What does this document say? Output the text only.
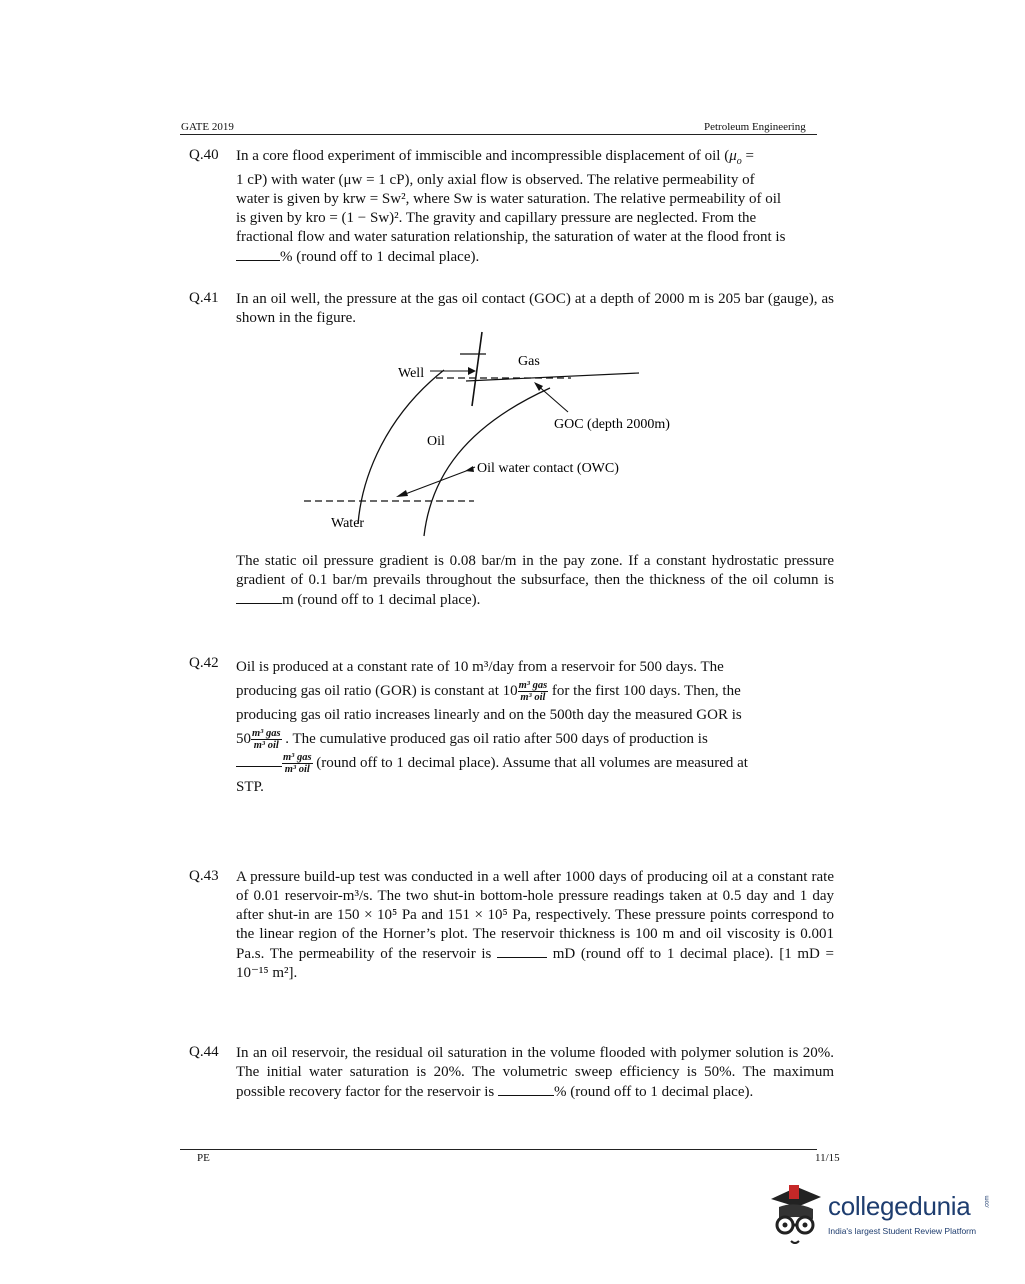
GATE 2019	Petroleum Engineering
Q.40 In a core flood experiment of immiscible and incompressible displacement of oil ($\mu_o$ =
1 cP) with water (μw = 1 cP), only axial flow is observed. The relative permeability of
water is given by krw = Sw², where Sw is water saturation. The relative permeability of oil
is given by kro = (1 − Sw)². The gravity and capillary pressure are neglected. From the
fractional flow and water saturation relationship, the saturation of water at the flood front is
% (round off to 1 decimal place).
Q.41 In an oil well, the pressure at the gas oil contact (GOC) at a depth of 2000 m is 205 bar (gauge), as shown in the figure.
Well
Gas
Oil
Water
GOC (depth 2000m)
Oil water contact (OWC)
The static oil pressure gradient is 0.08 bar/m in the pay zone. If a constant hydrostatic pressure gradient of 0.1 bar/m prevails throughout the subsurface, then the thickness of the oil column is m (round off to 1 decimal place).
Q.42 Oil is produced at a constant rate of 10 m³/day from a reservoir for 500 days. The
producing gas oil ratio (GOR) is constant at $10 \frac{\text{m³ gas}}{\text{m³ oil}}$ for the first 100 days. Then, the
producing gas oil ratio increases linearly and on the 500th day the measured GOR is
$50 \frac{\text{m³ gas}}{\text{m³ oil}}$ . The cumulative produced gas oil ratio after 500 days of production is
$\frac{\text{m³ gas}}{\text{m³ oil}}$ (round off to 1 decimal place). Assume that all volumes are measured at
STP.
Q.43 A pressure build-up test was conducted in a well after 1000 days of producing oil at a constant rate of 0.01 reservoir-m³/s. The two shut-in bottom-hole pressure readings taken at 0.5 day and 1 day after shut-in are 150 × 10⁵ Pa and 151 × 10⁵ Pa, respectively. These pressure points correspond to the linear region of the Horner’s plot. The reservoir thickness is 100 m and oil viscosity is 0.001 Pa.s. The permeability of the reservoir is	mD (round off to 1 decimal place). [1 mD = 10⁻¹⁵ m²].
Q.44 In an oil reservoir, the residual oil saturation in the volume flooded with polymer solution is 20%. The initial water saturation is 20%. The volumetric sweep efficiency is 50%. The maximum possible recovery factor for the reservoir is	% (round off to 1 decimal place).
PE	11/15
collegedunia .com
India's largest Student Review Platform
